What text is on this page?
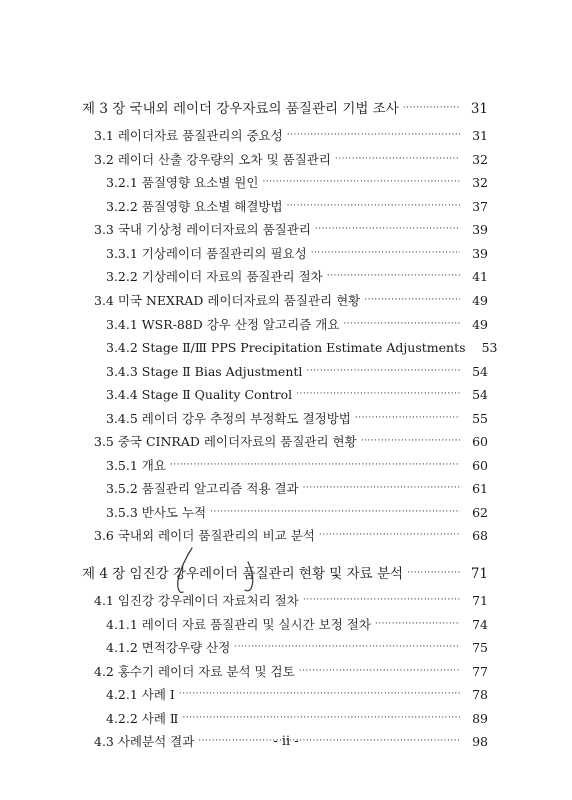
제 3 장 국내외 레이더 강우자료의 품질관리 기법 조사 ·····	31
3.1 레이더자료 품질관리의 중요성 ·····	31
3.2 레이더 산출 강우량의 오차 및 품질관리 ·····	32
3.2.1 품질영향 요소별 원인 ·····	32
3.2.2 품질영향 요소별 해결방법 ·····	37
3.3 국내 기상청 레이더자료의 품질관리 ·····	39
3.3.1 기상레이더 품질관리의 필요성 ·····	39
3.2.2 기상레이더 자료의 품질관리 절차 ·····	41
3.4 미국 NEXRAD 레이더자료의 품질관리 현황 ·····	49
3.4.1 WSR-88D 강우 산정 알고리즘 개요 ·····	49
3.4.2 Stage Ⅱ/Ⅲ PPS Precipitation Estimate Adjustments	53
3.4.3 Stage Ⅱ Bias Adjustmentl ·····	54
3.4.4 Stage Ⅱ Quality Control ·····	54
3.4.5 레이더 강우 추정의 부정확도 결정방법 ·····	55
3.5 중국 CINRAD 레이더자료의 품질관리 현황 ·····	60
3.5.1 개요 ·····	60
3.5.2 품질관리 알고리즘 적용 결과 ·····	61
3.5.3 반사도 누적 ·····	62
3.6 국내외 레이더 품질관리의 비교 분석 ·····	68
제 4 장 임진강 강우레이더 품질관리 현황 및 자료 분석 ·····	71
4.1 임진강 강우레이더 자료처리 절차 ·····	71
4.1.1 레이더 자료 품질관리 및 실시간 보정 절차 ·····	74
4.1.2 면적강우량 산정 ·····	75
4.2 홍수기 레이더 자료 분석 및 검토 ·····	77
4.2.1 사례 Ⅰ ·····	78
4.2.2 사례 Ⅱ ·····	89
4.3 사례분석 결과 ·····	98
- ii -
